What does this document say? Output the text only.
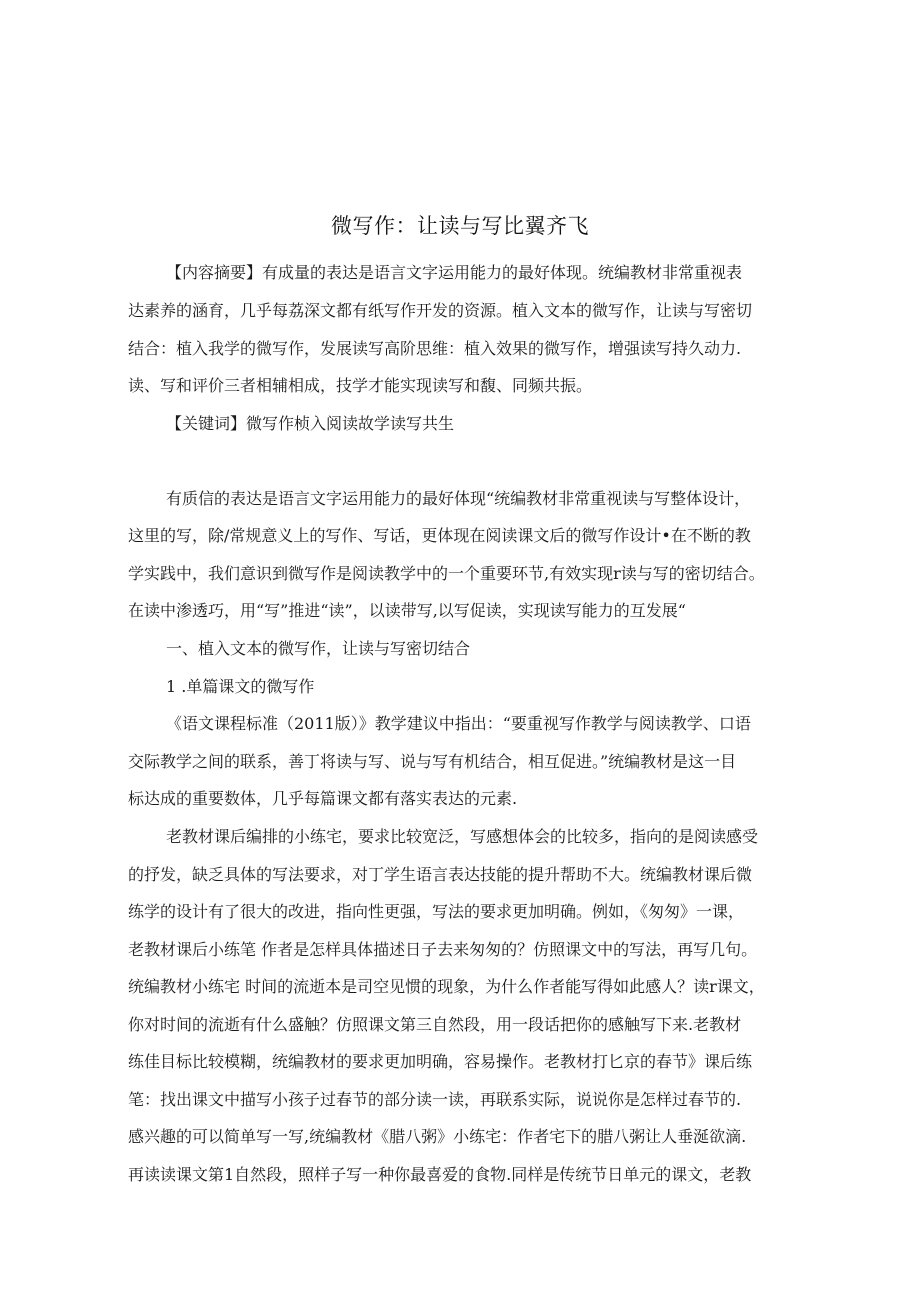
微写作：让读与写比翼齐飞
【内容摘要】有成量的表达是语言文字运用能力的最好体现。统编教材非常重视表
达素养的涵育，几乎每荔深文都有纸写作开发的资源。植入文本的微写作，让读与写密切
结合：植入我学的微写作，发展读写高阶思维：植入效果的微写作，增强读写持久动力.
读、写和评价三者相辅相成，技学才能实现读写和馥、同频共振。
【关键词】微写作桢入阅读故学读写共生
有质信的表达是语言文字运用能力的最好体现“统编教材非常重视读与写整体设计，
这里的写，除/常规意义上的写作、写话，更体现在阅读课文后的微写作设计•在不断的教
学实践中，我们意识到微写作是阅读教学中的一个重要环节,有效实现r读与写的密切结合。
在读中渗透巧，用“写”推进“读”，以读带写,以写促读，实现读写能力的互发展“
一、植入文本的微写作，让读与写密切结合
1 .单篇课文的微写作
《语文课程标准（2011版）》教学建议中指出：“要重视写作教学与阅读教学、口语
交际教学之间的联系，善丁将读与写、说与写有机结合，相互促进。”统编教材是这一目
标达成的重要数体，几乎每篇课文都有落实表达的元素.
老教材课后编排的小练宅，要求比较宽泛，写感想体会的比较多，指向的是阅读感受
的抒发，缺乏具体的写法要求，对丁学生语言表达技能的提升帮助不大。统编教材课后微
练学的设计有了很大的改进，指向性更强，写法的要求更加明确。例如，《匆匆》一课，
老教材课后小练笔 作者是怎样具体描述日子去来匆匆的？仿照课文中的写法，再写几句。
统编教材小练宅 时间的流逝本是司空见惯的现象，为什么作者能写得如此感人？读r课文，
你对时间的流逝有什么盛触？仿照课文第三自然段，用一段话把你的感触写下来.老教材
练佳目标比较模糊，统编教材的要求更加明确，容易操作。老教材打匕京的春节》课后练
笔：找出课文中描写小孩子过春节的部分读一读，再联系实际，说说你是怎样过春节的.
感兴趣的可以简单写一写,统编教材《腊八粥》小练宅：作者宅下的腊八粥让人垂涎欲滴.
再读读课文第1自然段，照样子写一种你最喜爱的食物.同样是传统节日单元的课文，老教
